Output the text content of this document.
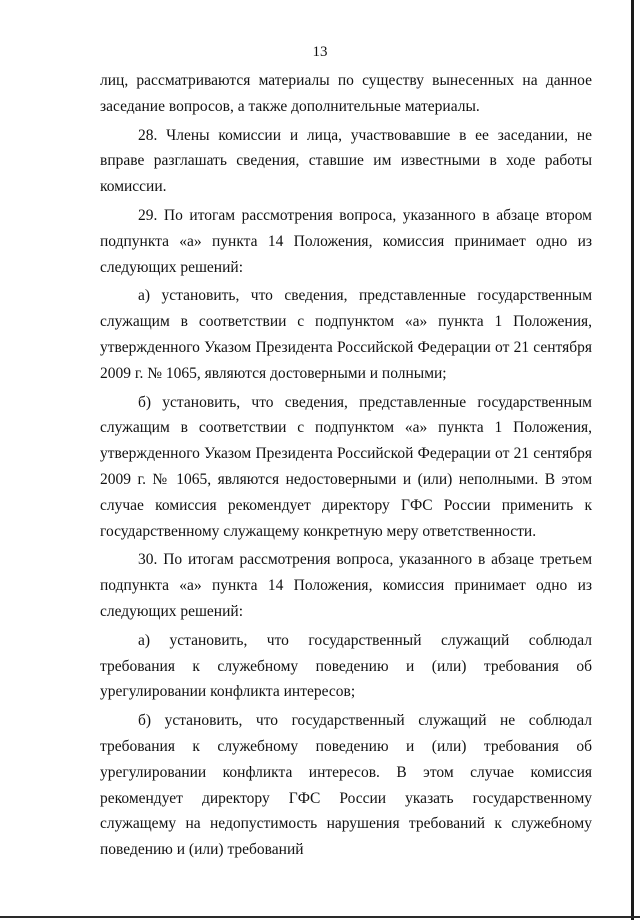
13

лиц, рассматриваются материалы по существу вынесенных на данное заседание вопросов, а также дополнительные материалы.

28. Члены комиссии и лица, участвовавшие в ее заседании, не вправе разглашать сведения, ставшие им известными в ходе работы комиссии.

29. По итогам рассмотрения вопроса, указанного в абзаце втором подпункта «а» пункта 14 Положения, комиссия принимает одно из следующих решений:

а) установить, что сведения, представленные государственным служащим в соответствии с подпунктом «а» пункта 1 Положения, утвержденного Указом Президента Российской Федерации от 21 сентября 2009 г. № 1065, являются достоверными и полными;

б) установить, что сведения, представленные государственным служащим в соответствии с подпунктом «а» пункта 1 Положения, утвержденного Указом Президента Российской Федерации от 21 сентября 2009 г. № 1065, являются недостоверными и (или) неполными. В этом случае комиссия рекомендует директору ГФС России применить к государственному служащему конкретную меру ответственности.

30. По итогам рассмотрения вопроса, указанного в абзаце третьем подпункта «а» пункта 14 Положения, комиссия принимает одно из следующих решений:

а) установить, что государственный служащий соблюдал требования к служебному поведению и (или) требования об урегулировании конфликта интересов;

б) установить, что государственный служащий не соблюдал требования к служебному поведению и (или) требования об урегулировании конфликта интересов. В этом случае комиссия рекомендует директору ГФС России указать государственному служащему на недопустимость нарушения требований к служебному поведению и (или) требований
